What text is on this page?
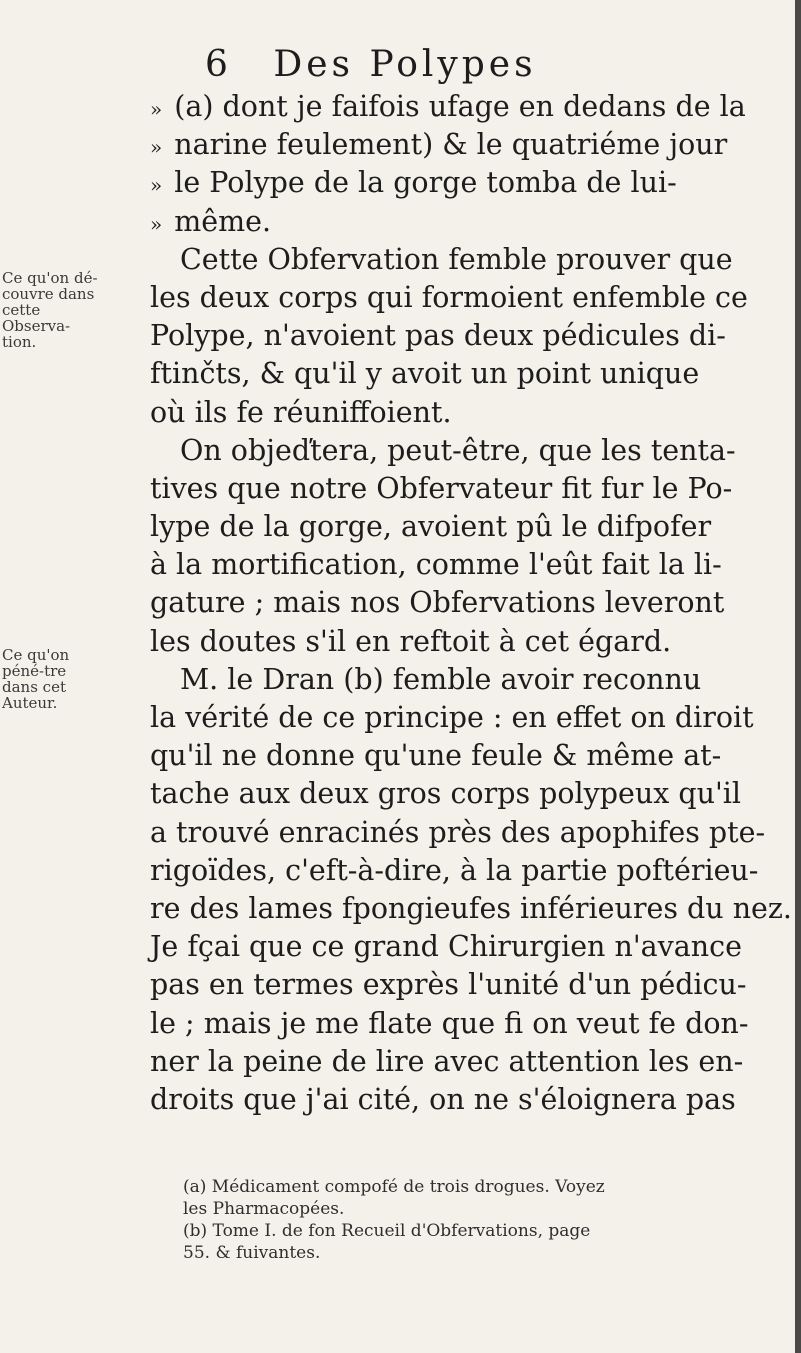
6 Des Polypes
Ce qu'on dé-couvre dans cette Observa-tion.
Ce qu'on péné-tre dans cet Auteur.
» (a) dont je faifois ufage en dedans de la
» narine feulement) & le quatriéme jour
» le Polype de la gorge tomba de lui-
» même.
Cette Obfervation femble prouver que
les deux corps qui formoient enfemble ce
Polype, n'avoient pas deux pédicules di-
ftinčts, & qu'il y avoit un point unique
où ils fe réuniffoient.
On objeďtera, peut-être, que les tenta-
tives que notre Obfervateur fit fur le Po-
lype de la gorge, avoient pû le difpofer
à la mortification, comme l'eût fait la li-
gature ; mais nos Obfervations leveront
les doutes s'il en reftoit à cet égard.
M. le Dran (b) femble avoir reconnu
la vérité de ce principe : en effet on diroit
qu'il ne donne qu'une feule & même at-
tache aux deux gros corps polypeux qu'il
a trouvé enracinés près des apophifes pte-
rigoïdes, c'eft-à-dire, à la partie poftérieu-
re des lames fpongieufes inférieures du nez.
Je fçai que ce grand Chirurgien n'avance
pas en termes exprès l'unité d'un pédicu-
le ; mais je me flate que fi on veut fe don-
ner la peine de lire avec attention les en-
droits que j'ai cité, on ne s'éloignera pas
(a) Médicament compofé de trois drogues. Voyez
les Pharmacopées.
(b) Tome I. de fon Recueil d'Obfervations, page
55. & fuivantes.
